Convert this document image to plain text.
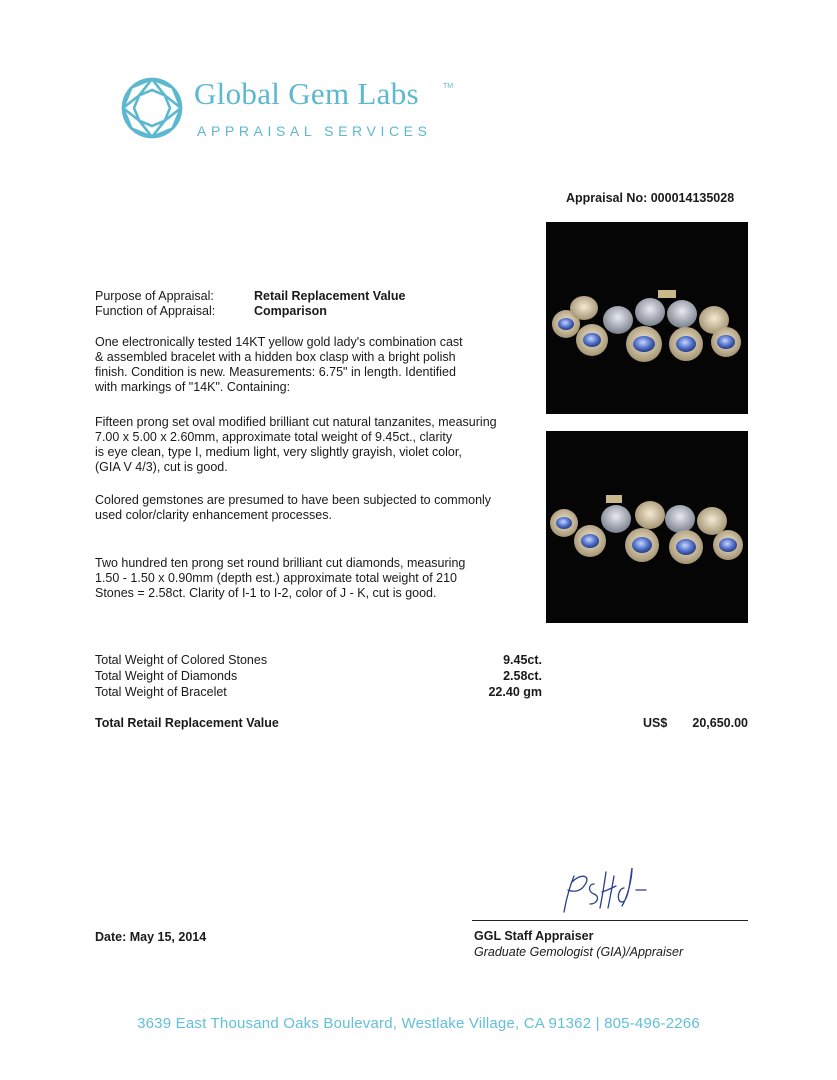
Global Gem Labs	TM
APPRAISAL SERVICES
Appraisal No: 000014135028
Purpose of Appraisal:	Retail Replacement Value
Function of Appraisal:	Comparison
One electronically tested 14KT yellow gold lady's combination cast
& assembled bracelet with a hidden box clasp with a bright polish
finish. Condition is new. Measurements: 6.75" in length. Identified
with markings of "14K". Containing:
Fifteen prong set oval modified brilliant cut natural tanzanites, measuring
7.00 x 5.00 x 2.60mm, approximate total weight of 9.45ct., clarity
is eye clean, type I, medium light, very slightly grayish, violet color,
(GIA V 4/3), cut is good.
Colored gemstones are presumed to have been subjected to commonly
used color/clarity enhancement processes.
Two hundred ten prong set round brilliant cut diamonds, measuring
1.50 - 1.50 x 0.90mm (depth est.) approximate total weight of 210
Stones = 2.58ct. Clarity of I-1 to I-2, color of J - K, cut is good.
Total Weight of Colored Stones	9.45ct.
Total Weight of Diamonds	2.58ct.
Total Weight of Bracelet	22.40 gm
Total Retail Replacement Value	US$	20,650.00
Date: May 15, 2014	GGL Staff Appraiser
Graduate Gemologist (GIA)/Appraiser
3639 East Thousand Oaks Boulevard, Westlake Village, CA 91362 | 805-496-2266
